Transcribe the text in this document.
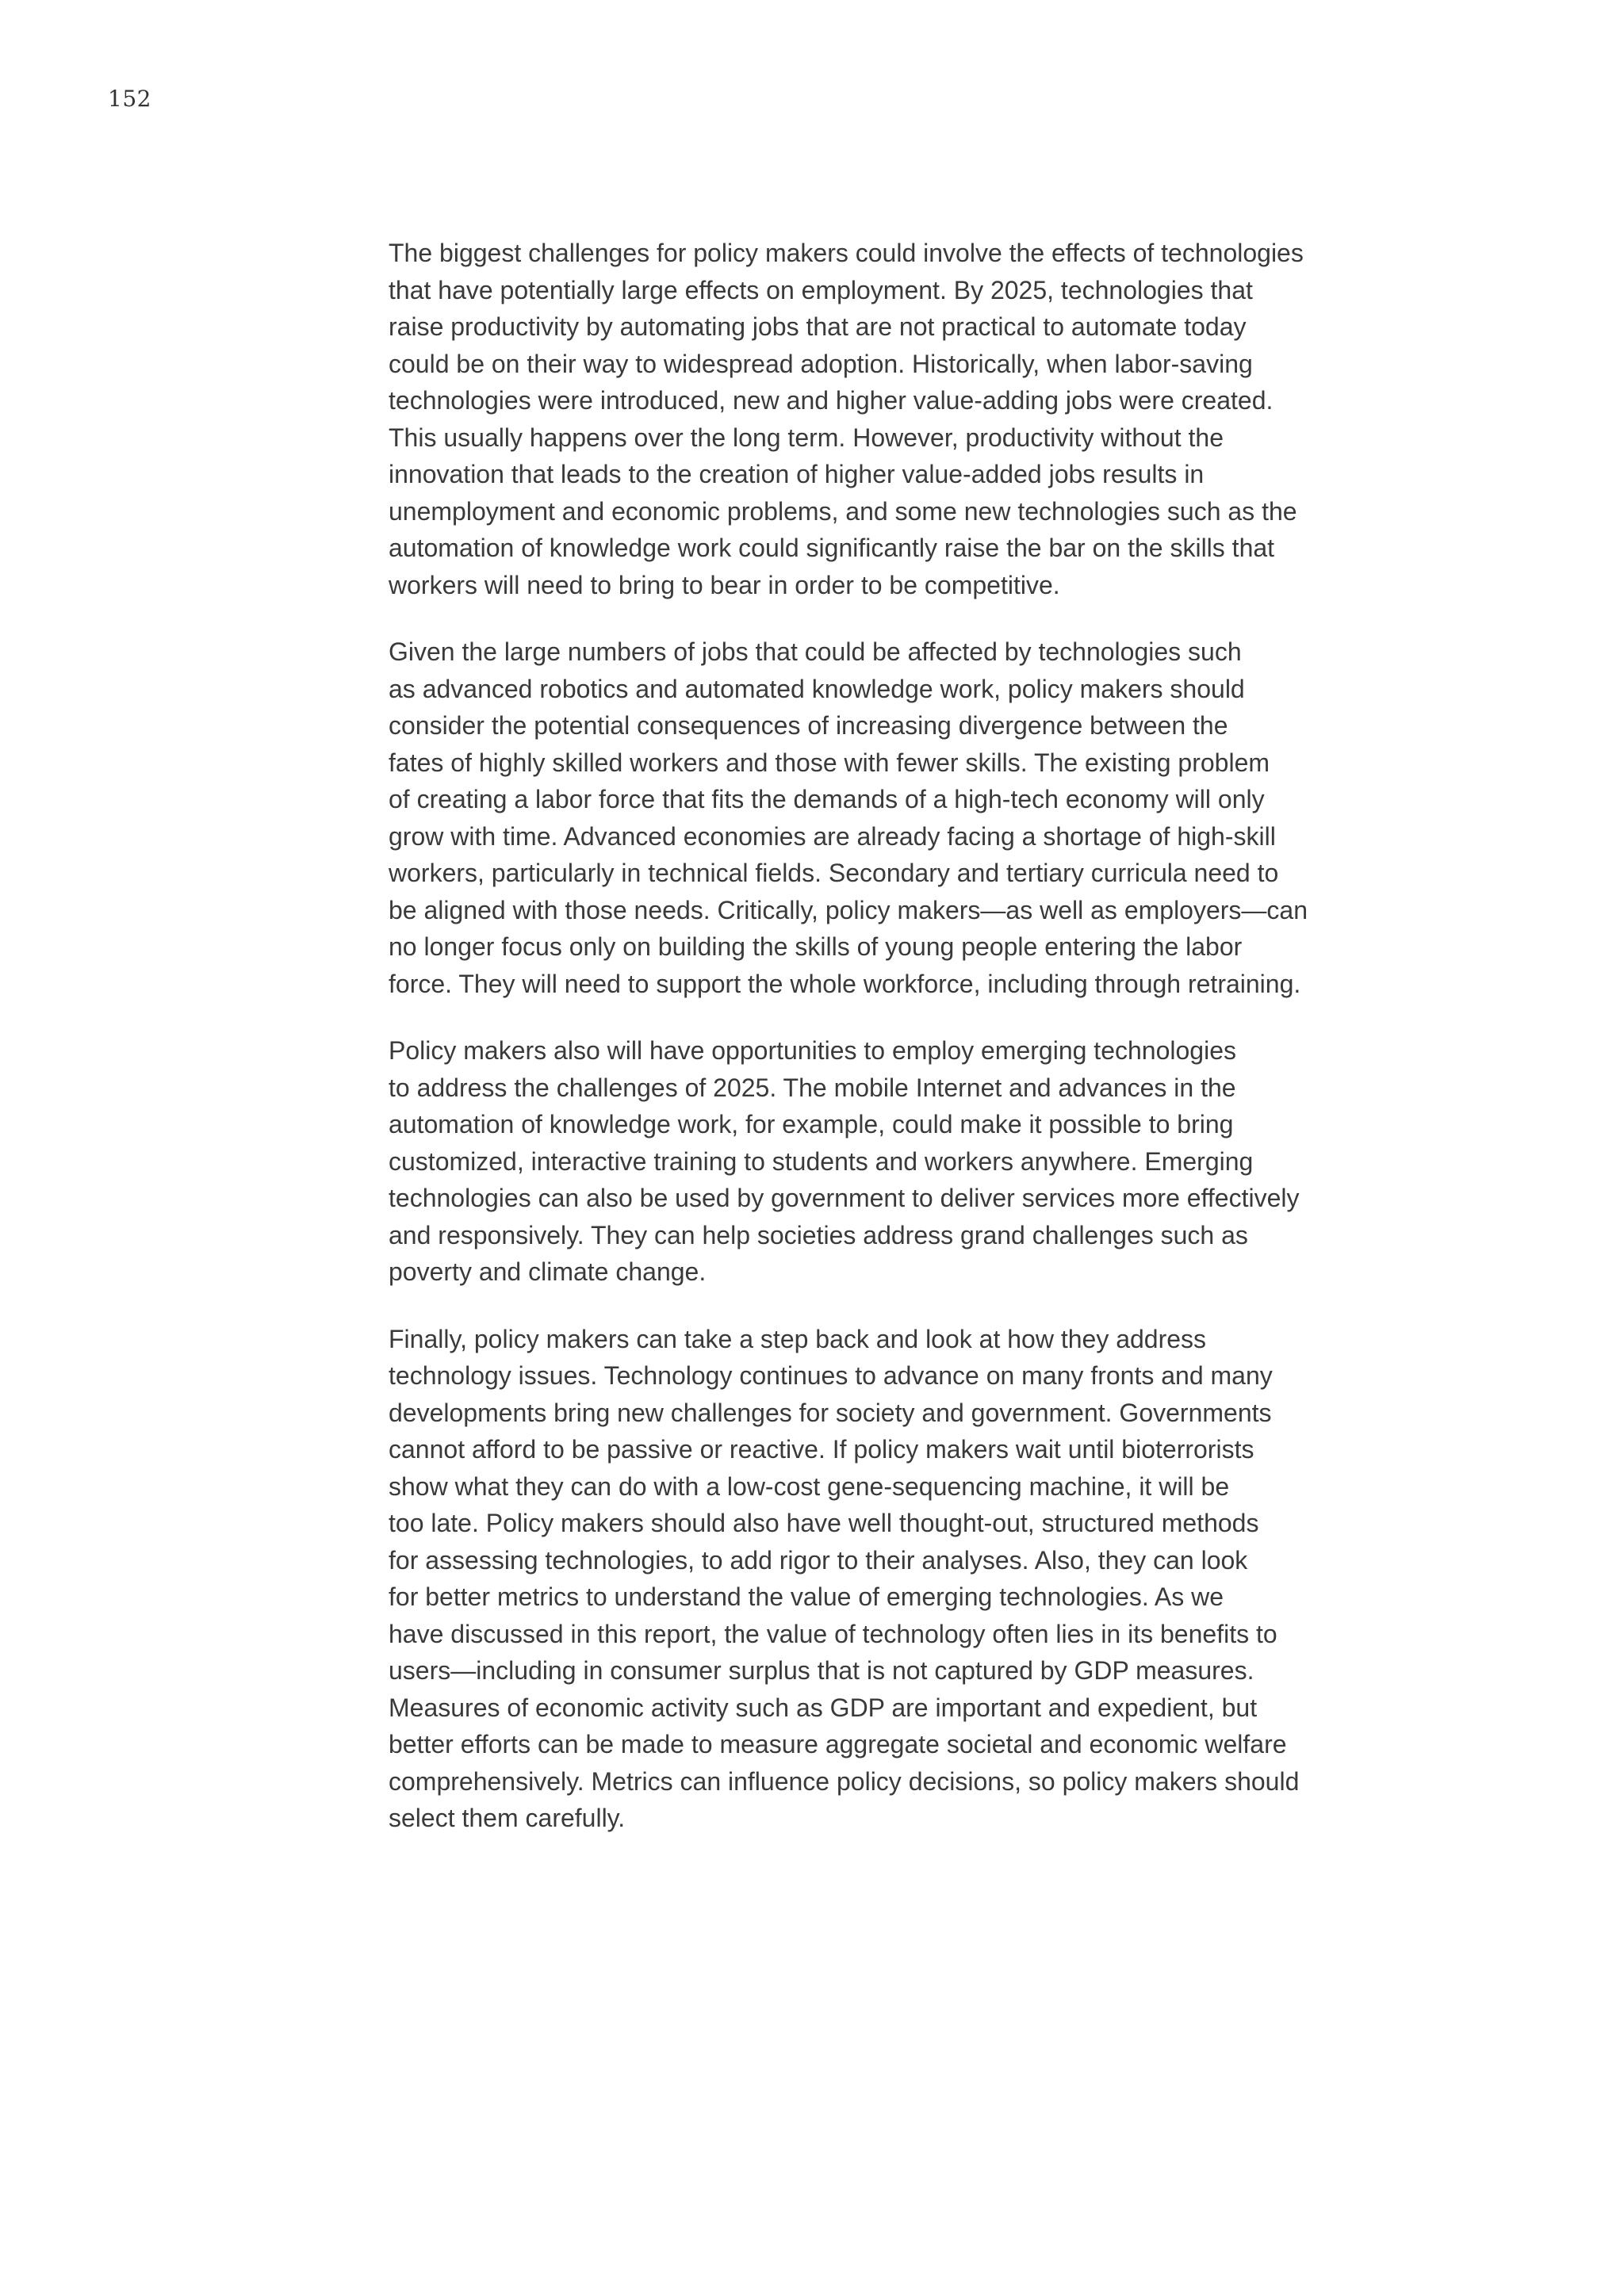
152

The biggest challenges for policy makers could involve the effects of technologies
that have potentially large effects on employment. By 2025, technologies that
raise productivity by automating jobs that are not practical to automate today
could be on their way to widespread adoption. Historically, when labor-saving
technologies were introduced, new and higher value-adding jobs were created.
This usually happens over the long term. However, productivity without the
innovation that leads to the creation of higher value-added jobs results in
unemployment and economic problems, and some new technologies such as the
automation of knowledge work could significantly raise the bar on the skills that
workers will need to bring to bear in order to be competitive.

Given the large numbers of jobs that could be affected by technologies such
as advanced robotics and automated knowledge work, policy makers should
consider the potential consequences of increasing divergence between the
fates of highly skilled workers and those with fewer skills. The existing problem
of creating a labor force that fits the demands of a high-tech economy will only
grow with time. Advanced economies are already facing a shortage of high-skill
workers, particularly in technical fields. Secondary and tertiary curricula need to
be aligned with those needs. Critically, policy makers—as well as employers—can
no longer focus only on building the skills of young people entering the labor
force. They will need to support the whole workforce, including through retraining.

Policy makers also will have opportunities to employ emerging technologies
to address the challenges of 2025. The mobile Internet and advances in the
automation of knowledge work, for example, could make it possible to bring
customized, interactive training to students and workers anywhere. Emerging
technologies can also be used by government to deliver services more effectively
and responsively. They can help societies address grand challenges such as
poverty and climate change.

Finally, policy makers can take a step back and look at how they address
technology issues. Technology continues to advance on many fronts and many
developments bring new challenges for society and government. Governments
cannot afford to be passive or reactive. If policy makers wait until bioterrorists
show what they can do with a low-cost gene-sequencing machine, it will be
too late. Policy makers should also have well thought-out, structured methods
for assessing technologies, to add rigor to their analyses. Also, they can look
for better metrics to understand the value of emerging technologies. As we
have discussed in this report, the value of technology often lies in its benefits to
users—including in consumer surplus that is not captured by GDP measures.
Measures of economic activity such as GDP are important and expedient, but
better efforts can be made to measure aggregate societal and economic welfare
comprehensively. Metrics can influence policy decisions, so policy makers should
select them carefully.
